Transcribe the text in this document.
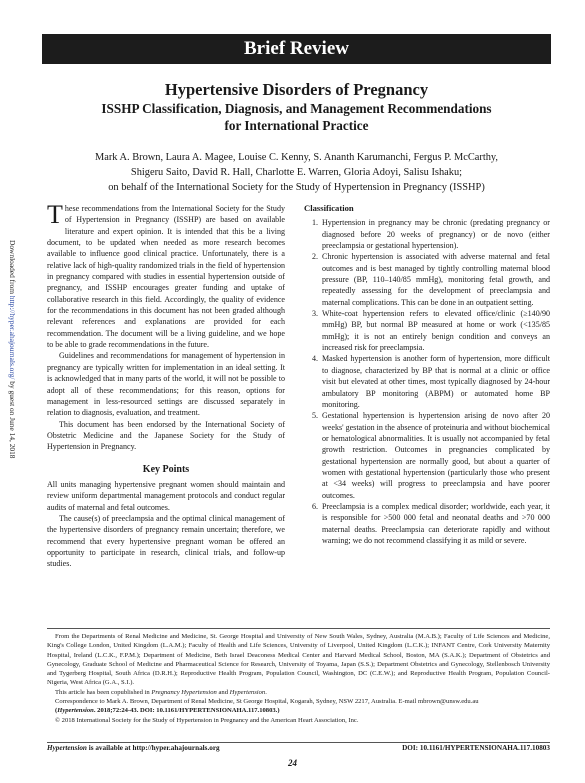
Brief Review
Downloaded from http://hyper.ahajournals.org/ by guest on June 14, 2018
Hypertensive Disorders of Pregnancy
ISSHP Classification, Diagnosis, and Management Recommendations
for International Practice
Mark A. Brown, Laura A. Magee, Louise C. Kenny, S. Ananth Karumanchi, Fergus P. McCarthy,
Shigeru Saito, David R. Hall, Charlotte E. Warren, Gloria Adoyi, Salisu Ishaku;
on behalf of the International Society for the Study of Hypertension in Pregnancy (ISSHP)

These recommendations from the International Society for the Study of Hypertension in Pregnancy (ISSHP) are based on available literature and expert opinion. It is intended that this be a living document, to be updated when needed as more research becomes available to influence good clinical practice. Unfortunately, there is a relative lack of high-quality randomized trials in the field of hypertension in pregnancy compared with studies in essential hypertension outside of pregnancy, and ISSHP encourages greater funding and uptake of collaborative research in this field. Accordingly, the quality of evidence for the recommendations in this document has not been graded although relevant references and explanations are provided for each recommendation. The document will be a living guideline, and we hope to be able to grade recommendations in the future.

Guidelines and recommendations for management of hypertension in pregnancy are typically written for implementation in an ideal setting. It is acknowledged that in many parts of the world, it will not be possible to adopt all of these recommendations; for this reason, options for management in less-resourced settings are discussed separately in relation to diagnosis, evaluation, and treatment.

This document has been endorsed by the International Society of Obstetric Medicine and the Japanese Society for the Study of Hypertension in Pregnancy.

Key Points

All units managing hypertensive pregnant women should maintain and review uniform departmental management protocols and conduct regular audits of maternal and fetal outcomes.

The cause(s) of preeclampsia and the optimal clinical management of the hypertensive disorders of pregnancy remain uncertain; therefore, we recommend that every hypertensive pregnant woman be offered an opportunity to participate in research, clinical trials, and follow-up studies.

Classification
1. Hypertension in pregnancy may be chronic (predating pregnancy or diagnosed before 20 weeks of pregnancy) or de novo (either preeclampsia or gestational hypertension).
2. Chronic hypertension is associated with adverse maternal and fetal outcomes and is best managed by tightly controlling maternal blood pressure (BP, 110–140/85 mmHg), monitoring fetal growth, and repeatedly assessing for the development of preeclampsia and maternal complications. This can be done in an outpatient setting.
3. White-coat hypertension refers to elevated office/clinic (≥140/90 mmHg) BP, but normal BP measured at home or work (<135/85 mmHg); it is not an entirely benign condition and conveys an increased risk for preeclampsia.
4. Masked hypertension is another form of hypertension, more difficult to diagnose, characterized by BP that is normal at a clinic or office visit but elevated at other times, most typically diagnosed by 24-hour ambulatory BP monitoring (ABPM) or automated home BP monitoring.
5. Gestational hypertension is hypertension arising de novo after 20 weeks' gestation in the absence of proteinuria and without biochemical or hematological abnormalities. It is usually not accompanied by fetal growth restriction. Outcomes in pregnancies complicated by gestational hypertension are normally good, but about a quarter of women with gestational hypertension (particularly those who present at <34 weeks) will progress to preeclampsia and have poorer outcomes.
6. Preeclampsia is a complex medical disorder; worldwide, each year, it is responsible for >500 000 fetal and neonatal deaths and >70 000 maternal deaths. Preeclampsia can deteriorate rapidly and without warning; we do not recommend classifying it as mild or severe.

From the Departments of Renal Medicine and Medicine, St. George Hospital and University of New South Wales, Sydney, Australia (M.A.B.); Faculty of Life Sciences and Medicine, King's College London, United Kingdom (L.A.M.); Faculty of Health and Life Sciences, University of Liverpool, United Kingdom (L.C.K.); INFANT Centre, Cork University Maternity Hospital, Ireland (L.C.K., F.P.M.); Department of Medicine, Beth Israel Deaconess Medical Center and Harvard Medical School, Boston, MA (S.A.K.); Department of Obstetrics and Gynecology, Graduate School of Medicine and Pharmaceutical Science for Research, University of Toyama, Japan (S.S.); Department Obstetrics and Gynecology, Stellenbosch University and Tygerberg Hospital, South Africa (D.R.H.); Reproductive Health Program, Population Council, Washington, DC (C.E.W.); and Reproductive Health Program, Population Council-Nigeria, West Africa (G.A., S.I.).

This article has been copublished in Pregnancy Hypertension and Hypertension.

Correspondence to Mark A. Brown, Department of Renal Medicine, St George Hospital, Kogarah, Sydney, NSW 2217, Australia. E-mail mbrown@unsw.edu.au

(Hypertension. 2018;72:24-43. DOI: 10.1161/HYPERTENSIONAHA.117.10803.)

© 2018 International Society for the Study of Hypertension in Pregnancy and the American Heart Association, Inc.

Hypertension is available at http://hyper.ahajournals.org	DOI: 10.1161/HYPERTENSIONAHA.117.10803
24
